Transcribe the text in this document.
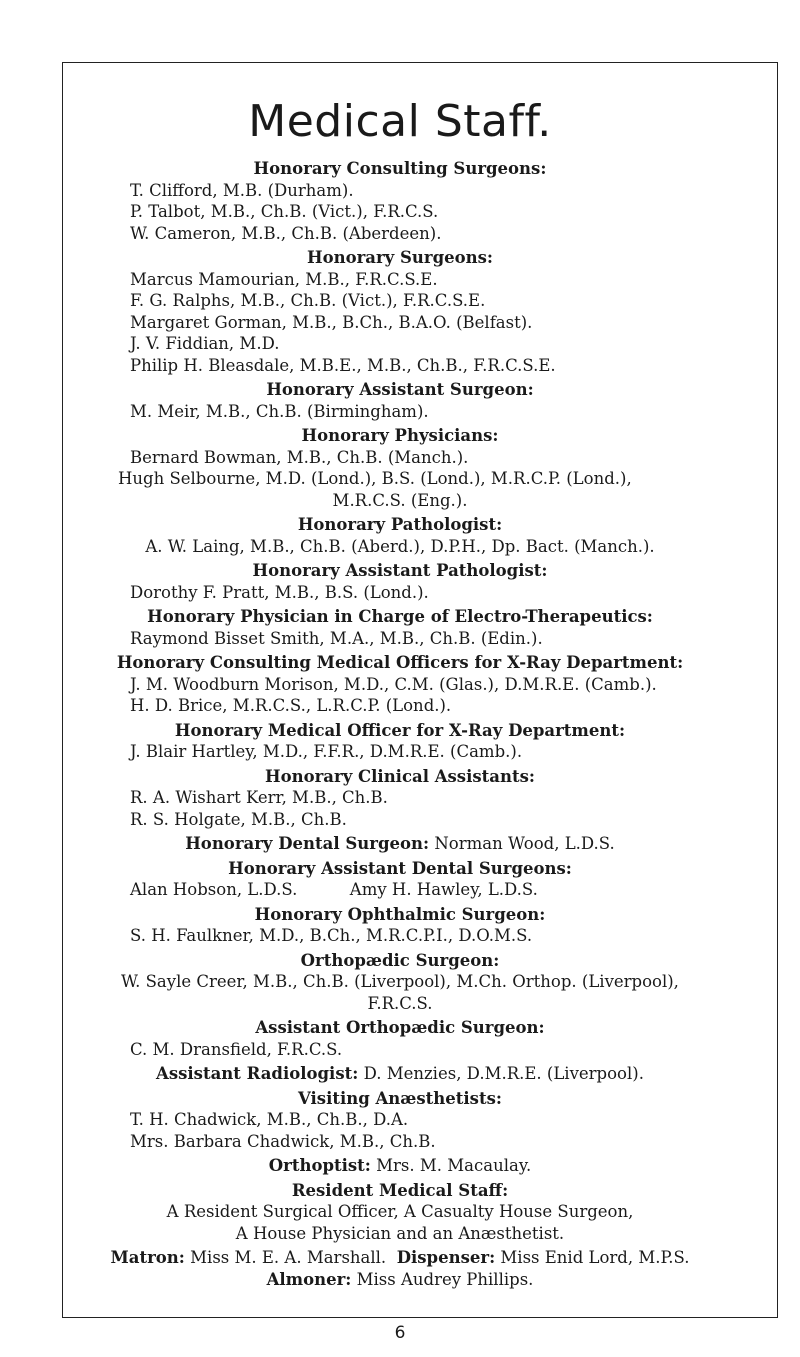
Medical Staff.

Honorary Consulting Surgeons:

T. Clifford, M.B. (Durham).

P. Talbot, M.B., Ch.B. (Vict.), F.R.C.S.

W. Cameron, M.B., Ch.B. (Aberdeen).

Honorary Surgeons:

Marcus Mamourian, M.B., F.R.C.S.E.

F. G. Ralphs, M.B., Ch.B. (Vict.), F.R.C.S.E.

Margaret Gorman, M.B., B.Ch., B.A.O. (Belfast).

J. V. Fiddian, M.D.

Philip H. Bleasdale, M.B.E., M.B., Ch.B., F.R.C.S.E.

Honorary Assistant Surgeon:

M. Meir, M.B., Ch.B. (Birmingham).

Honorary Physicians:

Bernard Bowman, M.B., Ch.B. (Manch.).

Hugh Selbourne, M.D. (Lond.), B.S. (Lond.), M.R.C.P. (Lond.),

M.R.C.S. (Eng.).

Honorary Pathologist:

A. W. Laing, M.B., Ch.B. (Aberd.), D.P.H., Dp. Bact. (Manch.).

Honorary Assistant Pathologist:

Dorothy F. Pratt, M.B., B.S. (Lond.).

Honorary Physician in Charge of Electro-Therapeutics:

Raymond Bisset Smith, M.A., M.B., Ch.B. (Edin.).

Honorary Consulting Medical Officers for X-Ray Department:

J. M. Woodburn Morison, M.D., C.M. (Glas.), D.M.R.E. (Camb.).

H. D. Brice, M.R.C.S., L.R.C.P. (Lond.).

Honorary Medical Officer for X-Ray Department:

J. Blair Hartley, M.D., F.F.R., D.M.R.E. (Camb.).

Honorary Clinical Assistants:

R. A. Wishart Kerr, M.B., Ch.B.

R. S. Holgate, M.B., Ch.B.

Honorary Dental Surgeon: Norman Wood, L.D.S.

Honorary Assistant Dental Surgeons:

Alan Hobson, L.D.S.          Amy H. Hawley, L.D.S.

Honorary Ophthalmic Surgeon:

S. H. Faulkner, M.D., B.Ch., M.R.C.P.I., D.O.M.S.

Orthopædic Surgeon:

W. Sayle Creer, M.B., Ch.B. (Liverpool), M.Ch. Orthop. (Liverpool),

F.R.C.S.

Assistant Orthopædic Surgeon:

C. M. Dransfield, F.R.C.S.

Assistant Radiologist: D. Menzies, D.M.R.E. (Liverpool).

Visiting Anæsthetists:

T. H. Chadwick, M.B., Ch.B., D.A.

Mrs. Barbara Chadwick, M.B., Ch.B.

Orthoptist: Mrs. M. Macaulay.

Resident Medical Staff:

A Resident Surgical Officer, A Casualty House Surgeon,

A House Physician and an Anæsthetist.

Matron: Miss M. E. A. Marshall. Dispenser: Miss Enid Lord, M.P.S.

Almoner: Miss Audrey Phillips.

6
